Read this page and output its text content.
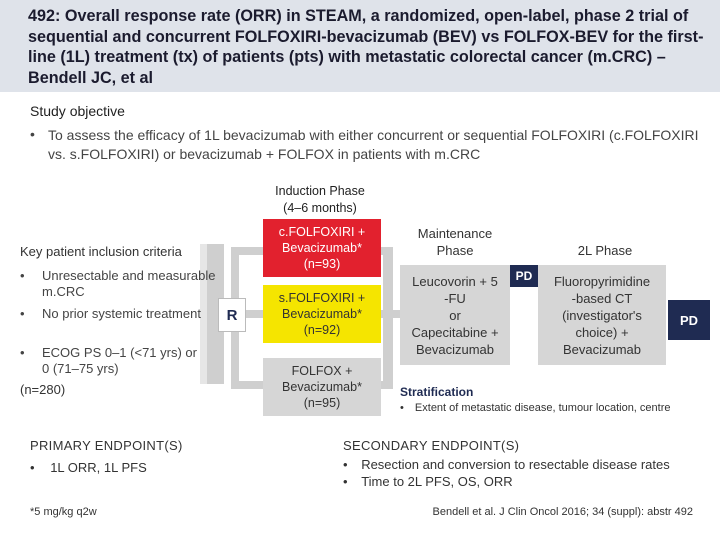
492: Overall response rate (ORR) in STEAM, a randomized, open-label, phase 2 trial of sequential and concurrent FOLFOXIRI-bevacizumab (BEV) vs FOLFOX-BEV for the first-line (1L) treatment (tx) of patients (pts) with metastatic colorectal cancer (m.CRC) – Bendell JC, et al
Study objective
• To assess the efficacy of 1L bevacizumab with either concurrent or sequential FOLFOXIRI (c.FOLFOXIRI vs. s.FOLFOXIRI) or bevacizumab + FOLFOX in patients with m.CRC
Induction Phase
(4–6 months)
Key patient inclusion criteria
• Unresectable and measurable m.CRC
• No prior systemic treatment
• ECOG PS 0–1 (<71 yrs) or 0 (71–75 yrs)
(n=280)
R
c.FOLFOXIRI +
Bevacizumab*
(n=93)
s.FOLFOXIRI +
Bevacizumab*
(n=92)
FOLFOX +
Bevacizumab*
(n=95)
Maintenance
Phase
Leucovorin + 5
-FU
or
Capecitabine +
Bevacizumab
PD
2L Phase
Fluoropyrimidine
-based CT
(investigator's
choice) +
Bevacizumab
PD
Stratification
• Extent of metastatic disease, tumour location, centre
PRIMARY ENDPOINT(S)
• 1L ORR, 1L PFS
SECONDARY ENDPOINT(S)
• Resection and conversion to resectable disease rates
• Time to 2L PFS, OS, ORR
*5 mg/kg q2w	Bendell et al. J Clin Oncol 2016; 34 (suppl): abstr 492
